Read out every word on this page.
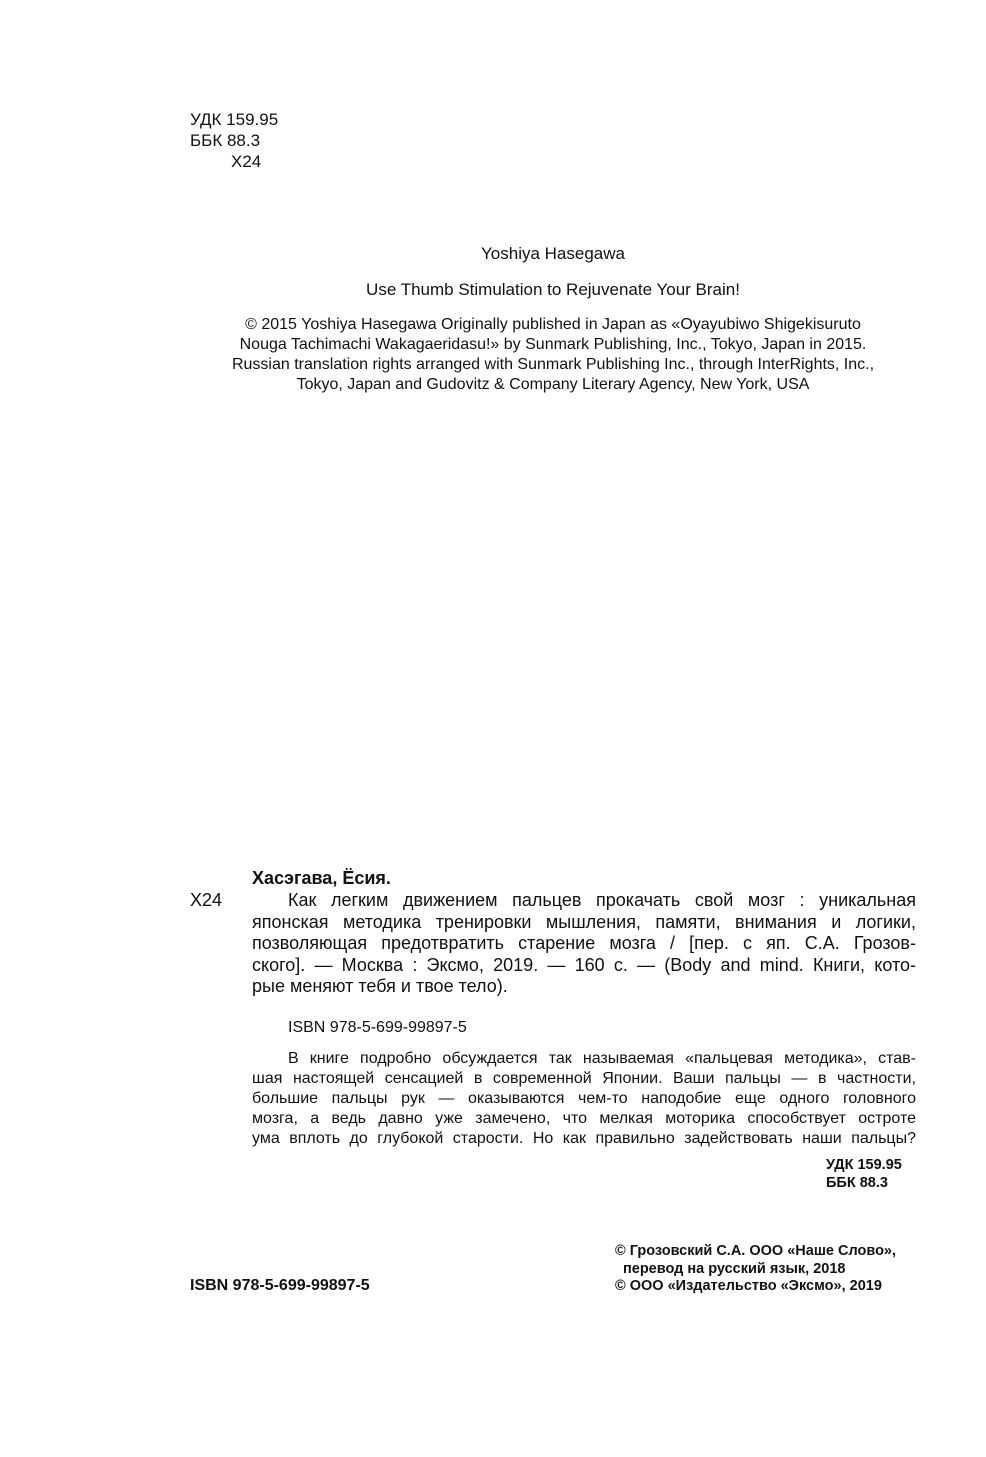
УДК 159.95
ББК 88.3
Х24
Yoshiya Hasegawa
Use Thumb Stimulation to Rejuvenate Your Brain!
© 2015 Yoshiya Hasegawa Originally published in Japan as «Oyayubiwo Shigekisuruto
Nouga Tachimachi Wakagaeridasu!» by Sunmark Publishing, Inc., Tokyo, Japan in 2015.
Russian translation rights arranged with Sunmark Publishing Inc., through InterRights, Inc.,
Tokyo, Japan and Gudovitz & Company Literary Agency, New York, USA
Хасэгава, Ёсия.
Х24	Как легким движением пальцев прокачать свой мозг : уникальная
японская методика тренировки мышления, памяти, внимания и логики,
позволяющая предотвратить старение мозга / [пер. с яп. С.А. Грозов-
ского]. — Москва : Эксмо, 2019. — 160 с. — (Body and mind. Книги, кото-
рые меняют тебя и твое тело).
ISBN 978-5-699-99897-5
В книге подробно обсуждается так называемая «пальцевая методика», став-
шая настоящей сенсацией в современной Японии. Ваши пальцы — в частности,
большие пальцы рук — оказываются чем-то наподобие еще одного головного
мозга, а ведь давно уже замечено, что мелкая моторика способствует остроте
ума вплоть до глубокой старости. Но как правильно задействовать наши пальцы?
УДК 159.95
ББК 88.3
ISBN 978-5-699-99897-5
© Грозовский С.А. ООО «Наше Слово»,
перевод на русский язык, 2018
© ООО «Издательство «Эксмо», 2019
